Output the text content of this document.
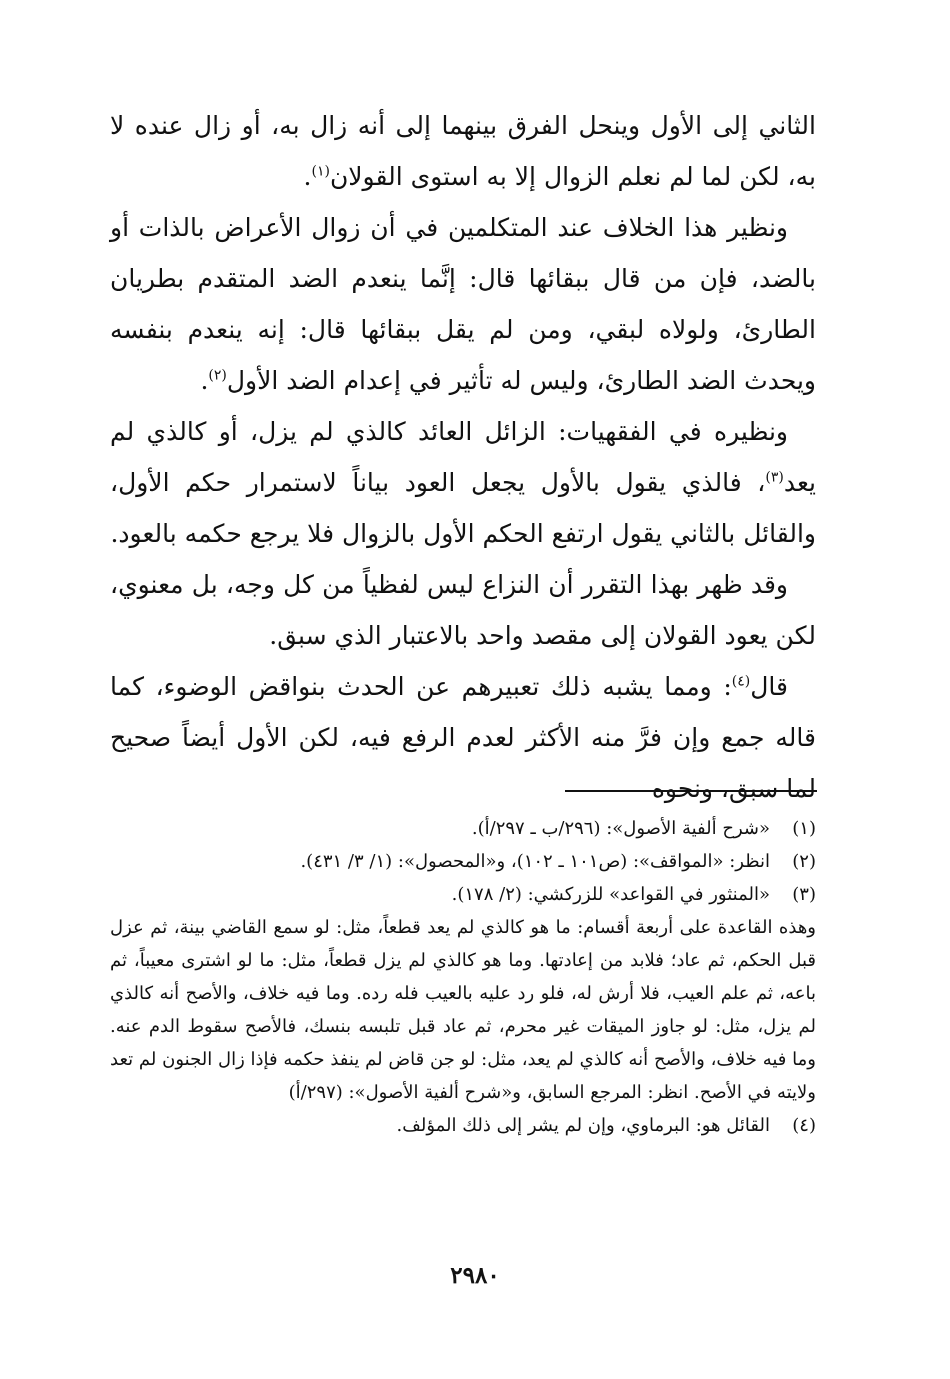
الثاني إلى الأول وينحل الفرق بينهما إلى أنه زال به، أو زال عنده لا به، لكن لما لم نعلم الزوال إلا به استوى القولان$^{(١)}$.

ونظير هذا الخلاف عند المتكلمين في أن زوال الأعراض بالذات أو بالضد، فإن من قال ببقائها قال: إنَّما ينعدم الضد المتقدم بطريان الطارئ، ولولاه لبقي، ومن لم يقل ببقائها قال: إنه ينعدم بنفسه ويحدث الضد الطارئ، وليس له تأثير في إعدام الضد الأول$^{(٢)}$.

ونظيره في الفقهيات: الزائل العائد كالذي لم يزل، أو كالذي لم يعد$^{(٣)}$، فالذي يقول بالأول يجعل العود بياناً لاستمرار حكم الأول، والقائل بالثاني يقول ارتفع الحكم الأول بالزوال فلا يرجع حكمه بالعود.

وقد ظهر بهذا التقرر أن النزاع ليس لفظياً من كل وجه، بل معنوي، لكن يعود القولان إلى مقصد واحد بالاعتبار الذي سبق.

قال$^{(٤)}$: ومما يشبه ذلك تعبيرهم عن الحدث بنواقض الوضوء، كما قاله جمع وإن فرَّ منه الأكثر لعدم الرفع فيه، لكن الأول أيضاً صحيح لما سبق، ونحوه

(١)
«شرح ألفية الأصول»: (٢٩٦/ب ـ ٢٩٧/أ).
(٢)
انظر: «المواقف»: (ص١٠١ ـ ١٠٢)، و«المحصول»: (١/ ٣/ ٤٣١).
(٣)
«المنثور في القواعد» للزركشي: (٢/ ١٧٨).
وهذه القاعدة على أربعة أقسام: ما هو كالذي لم يعد قطعاً، مثل: لو سمع القاضي بينة، ثم عزل قبل الحكم، ثم عاد؛ فلابد من إعادتها. وما هو كالذي لم يزل قطعاً، مثل: ما لو اشترى معيباً، ثم باعه، ثم علم العيب، فلا أرش له، فلو رد عليه بالعيب فله رده. وما فيه خلاف، والأصح أنه كالذي لم يزل، مثل: لو جاوز الميقات غير محرم، ثم عاد قبل تلبسه بنسك، فالأصح سقوط الدم عنه. وما فيه خلاف، والأصح أنه كالذي لم يعد، مثل: لو جن قاض لم ينفذ حكمه فإذا زال الجنون لم تعد ولايته في الأصح. انظر: المرجع السابق، و«شرح ألفية الأصول»: (٢٩٧/أ)
(٤)
القائل هو: البرماوي، وإن لم يشر إلى ذلك المؤلف.
٢٩٨٠
